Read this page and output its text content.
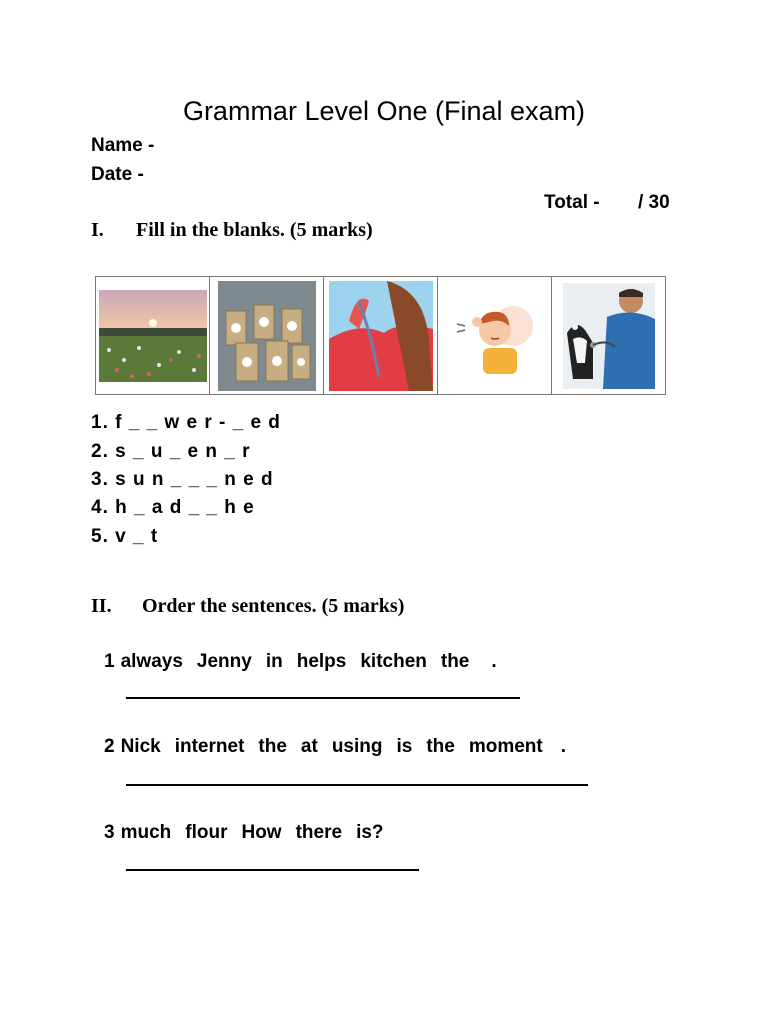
Grammar Level One (Final exam)
Name -
Date -
Total - / 30
I. Fill in the blanks. (5 marks)
1. f _ _ w e r - _ e d
2. s _ u _ e n _ r
3. s u n _ _ _ n e d
4. h _ a d _ _ h e
5. v _ t
II. Order the sentences. (5 marks)
1 always Jenny in helps kitchen the .
2 Nick internet the at using is the moment .
3 much flour How there is?
